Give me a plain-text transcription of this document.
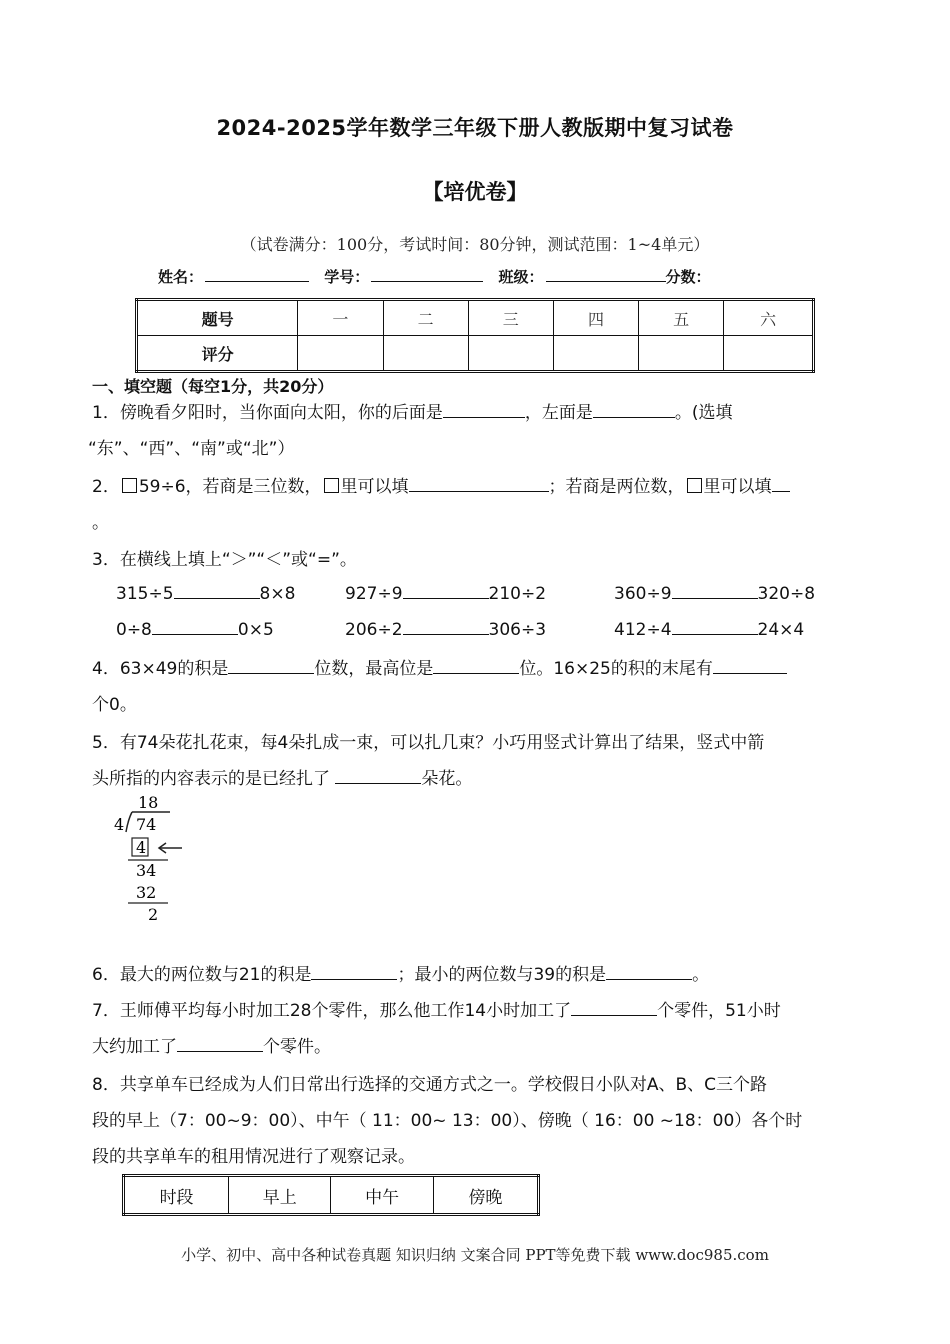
2024-2025学年数学三年级下册人教版期中复习试卷
【培优卷】
（试卷满分：100分，考试时间：80分钟，测试范围：1~4单元）
姓名：	学号：	班级：	分数：
题号	一	二	三	四	五	六
评分						
一、填空题（每空1分，共20分）
1．傍晚看夕阳时，当你面向太阳，你的后面是	，左面是	。(选填
“东”、“西”、“南”或“北”）
2． 59÷6，若商是三位数， 里可以填	；若商是两位数， 里可以填
。
3．在横线上填上“＞”“＜”或“=”。
315÷5	8×8	927÷9	210÷2	360÷9	320÷8
0÷8	0×5	206÷2	306÷3	412÷4	24×4
4．63×49的积是	位数，最高位是	位。16×25的积的末尾有
个0。
5．有74朵花扎花束，每4朵扎成一束，可以扎几束？小巧用竖式计算出了结果，竖式中箭
头所指的内容表示的是已经扎了	朵花。
18
4 74
4
34
32
2
6．最大的两位数与21的积是	；最小的两位数与39的积是	。
7．王师傅平均每小时加工28个零件，那么他工作14小时加工了	个零件，51小时
大约加工了	个零件。
8．共享单车已经成为人们日常出行选择的交通方式之一。学校假日小队对A、B、C三个路
段的早上（7：00~9：00）、中午（ 11：00~ 13：00）、傍晚（ 16：00 ~18：00）各个时
段的共享单车的租用情况进行了观察记录。
时段	早上	中午	傍晚
小学、初中、高中各种试卷真题 知识归纳 文案合同 PPT等免费下载 www.doc985.com
